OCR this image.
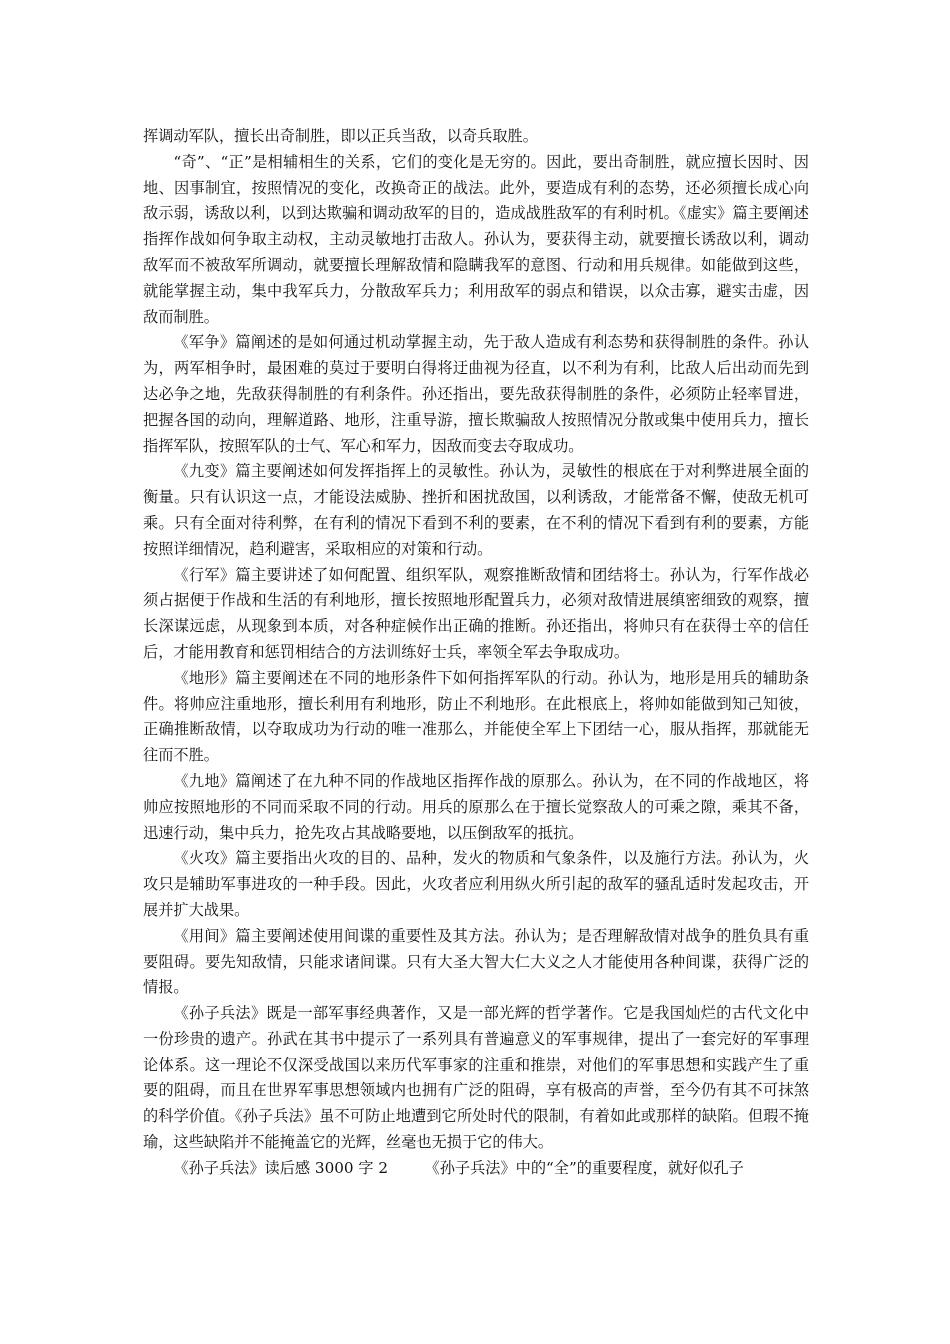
挥调动军队，擅长出奇制胜，即以正兵当敌，以奇兵取胜。

“奇”、“正”是相辅相生的关系，它们的变化是无穷的。因此，要出奇制胜，就应擅长因时、因地、因事制宜，按照情况的变化，改换奇正的战法。此外，要造成有利的态势，还必须擅长成心向敌示弱，诱敌以利，以到达欺骗和调动敌军的目的，造成战胜敌军的有利时机。《虚实》篇主要阐述指挥作战如何争取主动权，主动灵敏地打击敌人。孙认为，要获得主动，就要擅长诱敌以利，调动敌军而不被敌军所调动，就要擅长理解敌情和隐瞒我军的意图、行动和用兵规律。如能做到这些，就能掌握主动，集中我军兵力，分散敌军兵力；利用敌军的弱点和错误，以众击寡，避实击虚，因敌而制胜。

《军争》篇阐述的是如何通过机动掌握主动，先于敌人造成有利态势和获得制胜的条件。孙认为，两军相争时，最困难的莫过于要明白得将迂曲视为径直，以不利为有利，比敌人后出动而先到达必争之地，先敌获得制胜的有利条件。孙还指出，要先敌获得制胜的条件，必须防止轻率冒进，把握各国的动向，理解道路、地形，注重导游，擅长欺骗敌人按照情况分散或集中使用兵力，擅长指挥军队，按照军队的士气、军心和军力，因敌而变去夺取成功。

《九变》篇主要阐述如何发挥指挥上的灵敏性。孙认为，灵敏性的根底在于对利弊进展全面的衡量。只有认识这一点，才能设法威胁、挫折和困扰敌国，以利诱敌，才能常备不懈，使敌无机可乘。只有全面对待利弊，在有利的情况下看到不利的要素，在不利的情况下看到有利的要素，方能按照详细情况，趋利避害，采取相应的对策和行动。

《行军》篇主要讲述了如何配置、组织军队，观察推断敌情和团结将士。孙认为，行军作战必须占据便于作战和生活的有利地形，擅长按照地形配置兵力，必须对敌情进展缜密细致的观察，擅长深谋远虑，从现象到本质，对各种症候作出正确的推断。孙还指出，将帅只有在获得士卒的信任后，才能用教育和惩罚相结合的方法训练好士兵，率领全军去争取成功。

《地形》篇主要阐述在不同的地形条件下如何指挥军队的行动。孙认为，地形是用兵的辅助条件。将帅应注重地形，擅长利用有利地形，防止不利地形。在此根底上，将帅如能做到知己知彼，正确推断敌情，以夺取成功为行动的唯一准那么，并能使全军上下团结一心，服从指挥，那就能无往而不胜。

《九地》篇阐述了在九种不同的作战地区指挥作战的原那么。孙认为，在不同的作战地区，将帅应按照地形的不同而采取不同的行动。用兵的原那么在于擅长觉察敌人的可乘之隙，乘其不备，迅速行动，集中兵力，抢先攻占其战略要地，以压倒敌军的抵抗。

《火攻》篇主要指出火攻的目的、品种，发火的物质和气象条件，以及施行方法。孙认为，火攻只是辅助军事进攻的一种手段。因此，火攻者应利用纵火所引起的敌军的骚乱适时发起攻击，开展并扩大战果。

《用间》篇主要阐述使用间谍的重要性及其方法。孙认为；是否理解敌情对战争的胜负具有重要阻碍。要先知敌情，只能求诸间谍。只有大圣大智大仁大义之人才能使用各种间谍，获得广泛的情报。

《孙子兵法》既是一部军事经典著作，又是一部光辉的哲学著作。它是我国灿烂的古代文化中一份珍贵的遗产。孙武在其书中提示了一系列具有普遍意义的军事规律，提出了一套完好的军事理论体系。这一理论不仅深受战国以来历代军事家的注重和推崇，对他们的军事思想和实践产生了重要的阻碍，而且在世界军事思想领域内也拥有广泛的阻碍，享有极高的声誉，至今仍有其不可抹煞的科学价值。《孙子兵法》虽不可防止地遭到它所处时代的限制，有着如此或那样的缺陷。但瑕不掩瑜，这些缺陷并不能掩盖它的光辉，丝毫也无损于它的伟大。

《孙子兵法》读后感 3000 字 2 《孙子兵法》中的“全”的重要程度，就好似孔子
